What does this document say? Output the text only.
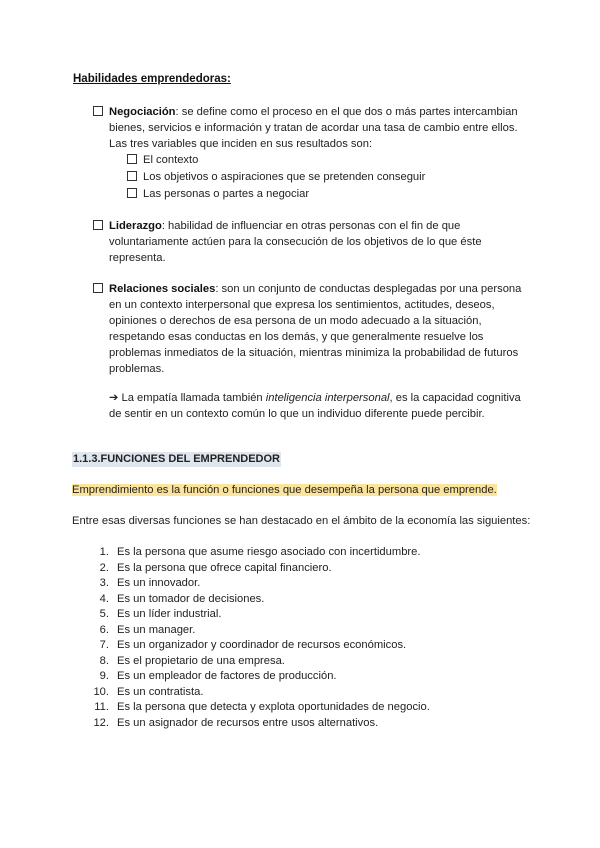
Habilidades emprendedoras:
Negociación: se define como el proceso en el que dos o más partes intercambian bienes, servicios e información y tratan de acordar una tasa de cambio entre ellos. Las tres variables que inciden en sus resultados son:
El contexto
Los objetivos o aspiraciones que se pretenden conseguir
Las personas o partes a negociar
Liderazgo: habilidad de influenciar en otras personas con el fin de que voluntariamente actúen para la consecución de los objetivos de lo que éste representa.
Relaciones sociales: son un conjunto de conductas desplegadas por una persona en un contexto interpersonal que expresa los sentimientos, actitudes, deseos, opiniones o derechos de esa persona de un modo adecuado a la situación, respetando esas conductas en los demás, y que generalmente resuelve los problemas inmediatos de la situación, mientras minimiza la probabilidad de futuros problemas.
➔ La empatía llamada también inteligencia interpersonal, es la capacidad cognitiva de sentir en un contexto común lo que un individuo diferente puede percibir.
1.1.3.FUNCIONES DEL EMPRENDEDOR
Emprendimiento es la función o funciones que desempeña la persona que emprende.
Entre esas diversas funciones se han destacado en el ámbito de la economía las siguientes:
1. Es la persona que asume riesgo asociado con incertidumbre.
2. Es la persona que ofrece capital financiero.
3. Es un innovador.
4. Es un tomador de decisiones.
5. Es un líder industrial.
6. Es un manager.
7. Es un organizador y coordinador de recursos económicos.
8. Es el propietario de una empresa.
9. Es un empleador de factores de producción.
10. Es un contratista.
11. Es la persona que detecta y explota oportunidades de negocio.
12. Es un asignador de recursos entre usos alternativos.
